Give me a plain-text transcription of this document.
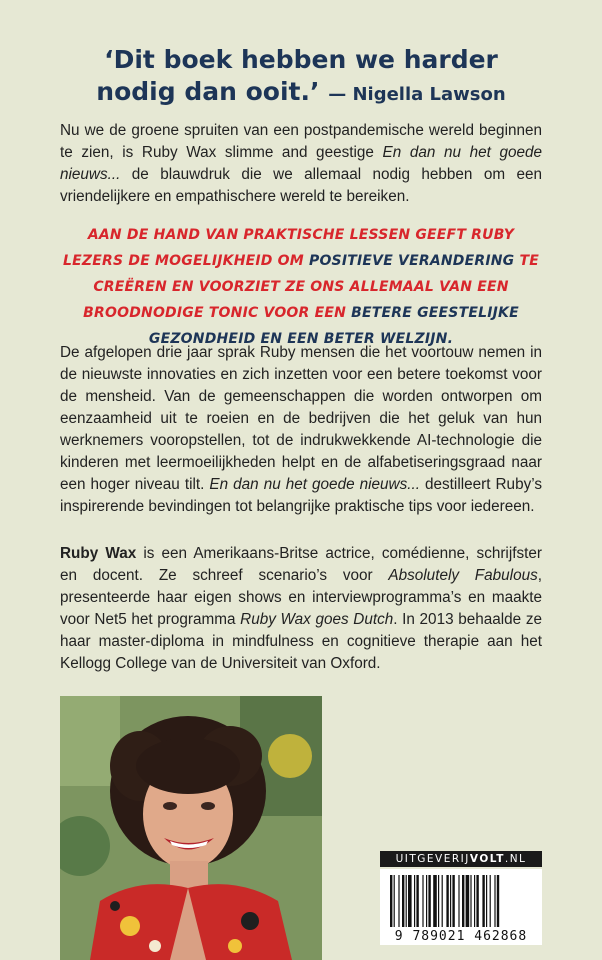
‘Dit boek hebben we harder
nodig dan ooit.’ — Nigella Lawson
Nu we de groene spruiten van een postpandemische wereld beginnen te zien, is Ruby Wax slimme and geestige En dan nu het goede nieuws... de blauwdruk die we allemaal nodig hebben om een vriendelijkere en empathischere wereld te bereiken.
AAN DE HAND VAN PRAKTISCHE LESSEN GEEFT RUBY LEZERS DE MOGELIJKHEID OM POSITIEVE VERANDERING TE CREËREN EN VOORZIET ZE ONS ALLEMAAL VAN EEN BROODNODIGE TONIC VOOR EEN BETERE GEESTELIJKE GEZONDHEID EN EEN BETER WELZIJN.
De afgelopen drie jaar sprak Ruby mensen die het voortouw nemen in de nieuwste innovaties en zich inzetten voor een betere toekomst voor de mensheid. Van de gemeenschappen die worden ontworpen om eenzaamheid uit te roeien en de bedrijven die het geluk van hun werknemers vooropstellen, tot de indrukwekkende AI-technologie die kinderen met leermoeilijkheden helpt en de alfabetiseringsgraad naar een hoger niveau tilt. En dan nu het goede nieuws... destilleert Ruby’s inspirerende bevindingen tot belangrijke praktische tips voor iedereen.
Ruby Wax is een Amerikaans-Britse actrice, comédienne, schrijfster en docent. Ze schreef scenario’s voor Absolutely Fabulous, presenteerde haar eigen shows en interviewprogramma’s en maakte voor Net5 het programma Ruby Wax goes Dutch. In 2013 behaalde ze haar master-diploma in mindfulness en cognitieve therapie aan het Kellogg College van de Universiteit van Oxford.
UITGEVERIJVOLT.NL
9 789021 462868
